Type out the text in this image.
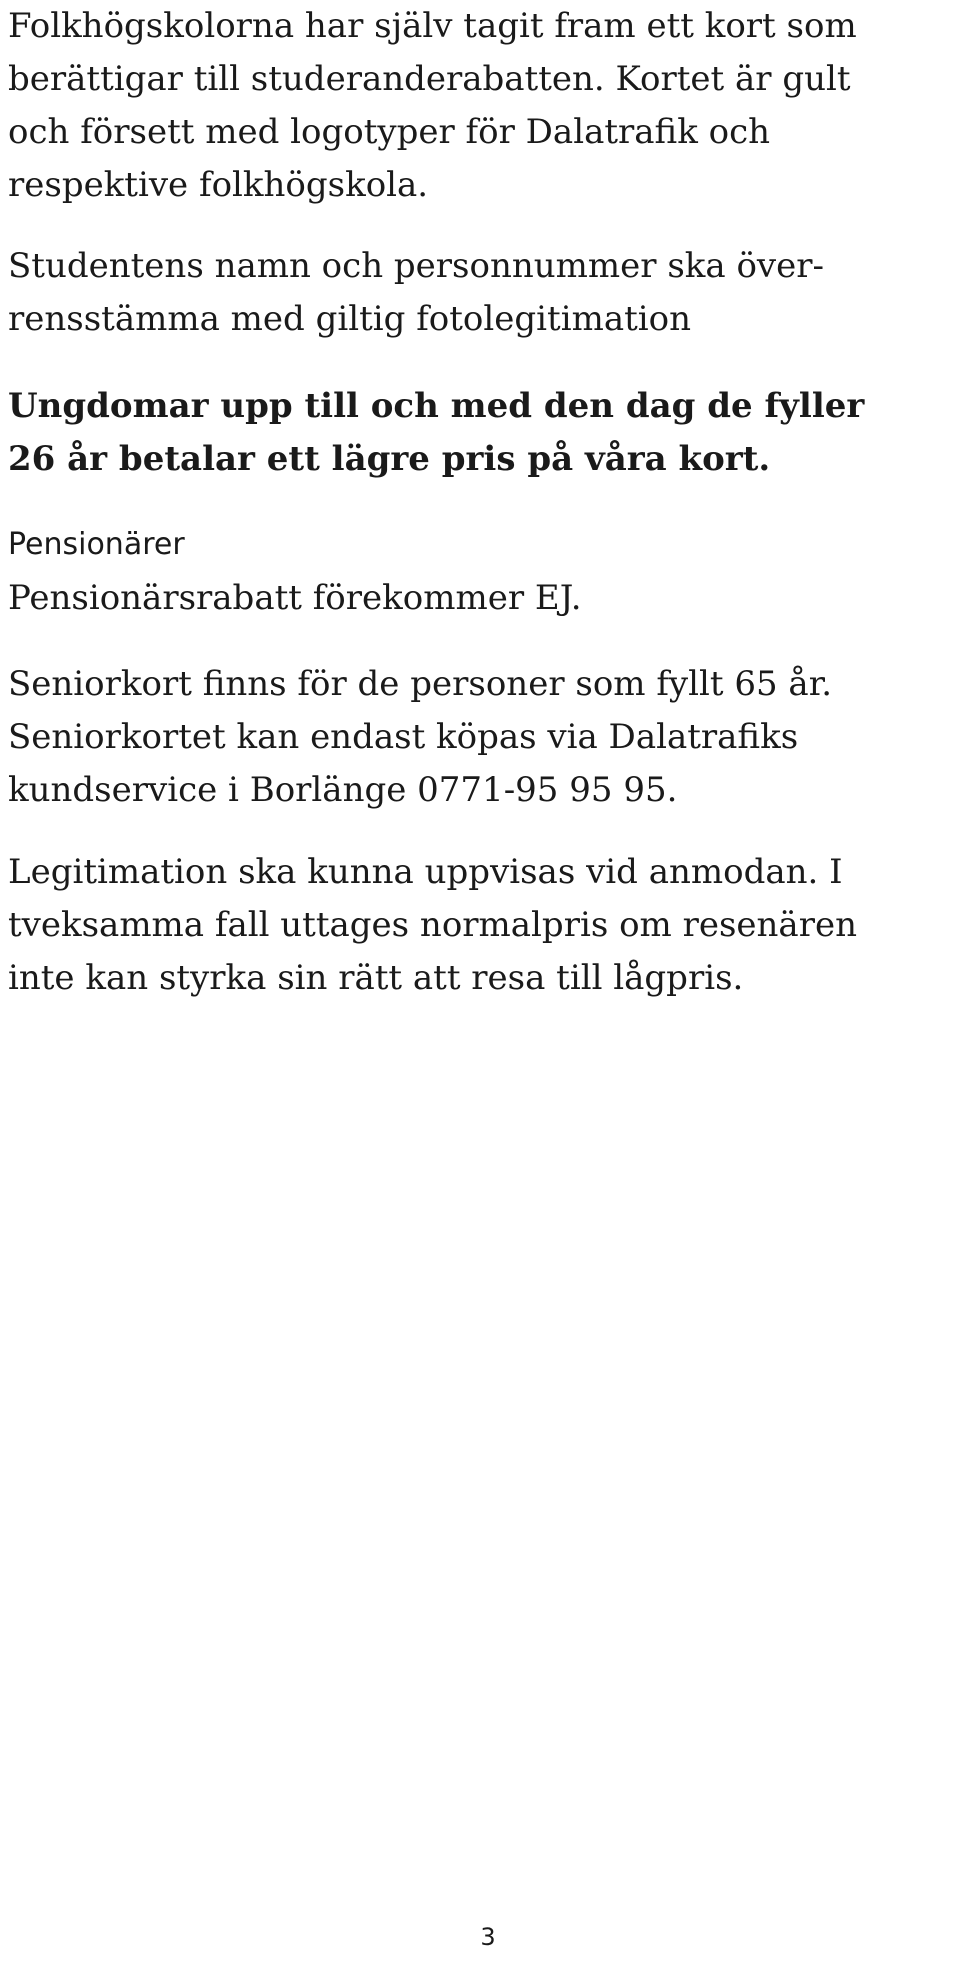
Folkhögskolorna har själv tagit fram ett kort som
berättigar till studeranderabatten. Kortet är gult
och försett med logotyper för Dalatrafik och
respektive folkhögskola.

Studentens namn och personnummer ska över-
rensstämma med giltig fotolegitimation

Ungdomar upp till och med den dag de fyller
26 år betalar ett lägre pris på våra kort.

Pensionärer

Pensionärsrabatt förekommer EJ.

Seniorkort finns för de personer som fyllt 65 år.
Seniorkortet kan endast köpas via Dalatrafiks
kundservice i Borlänge 0771-95 95 95.

Legitimation ska kunna uppvisas vid anmodan. I
tveksamma fall uttages normalpris om resenären
inte kan styrka sin rätt att resa till lågpris.

3
